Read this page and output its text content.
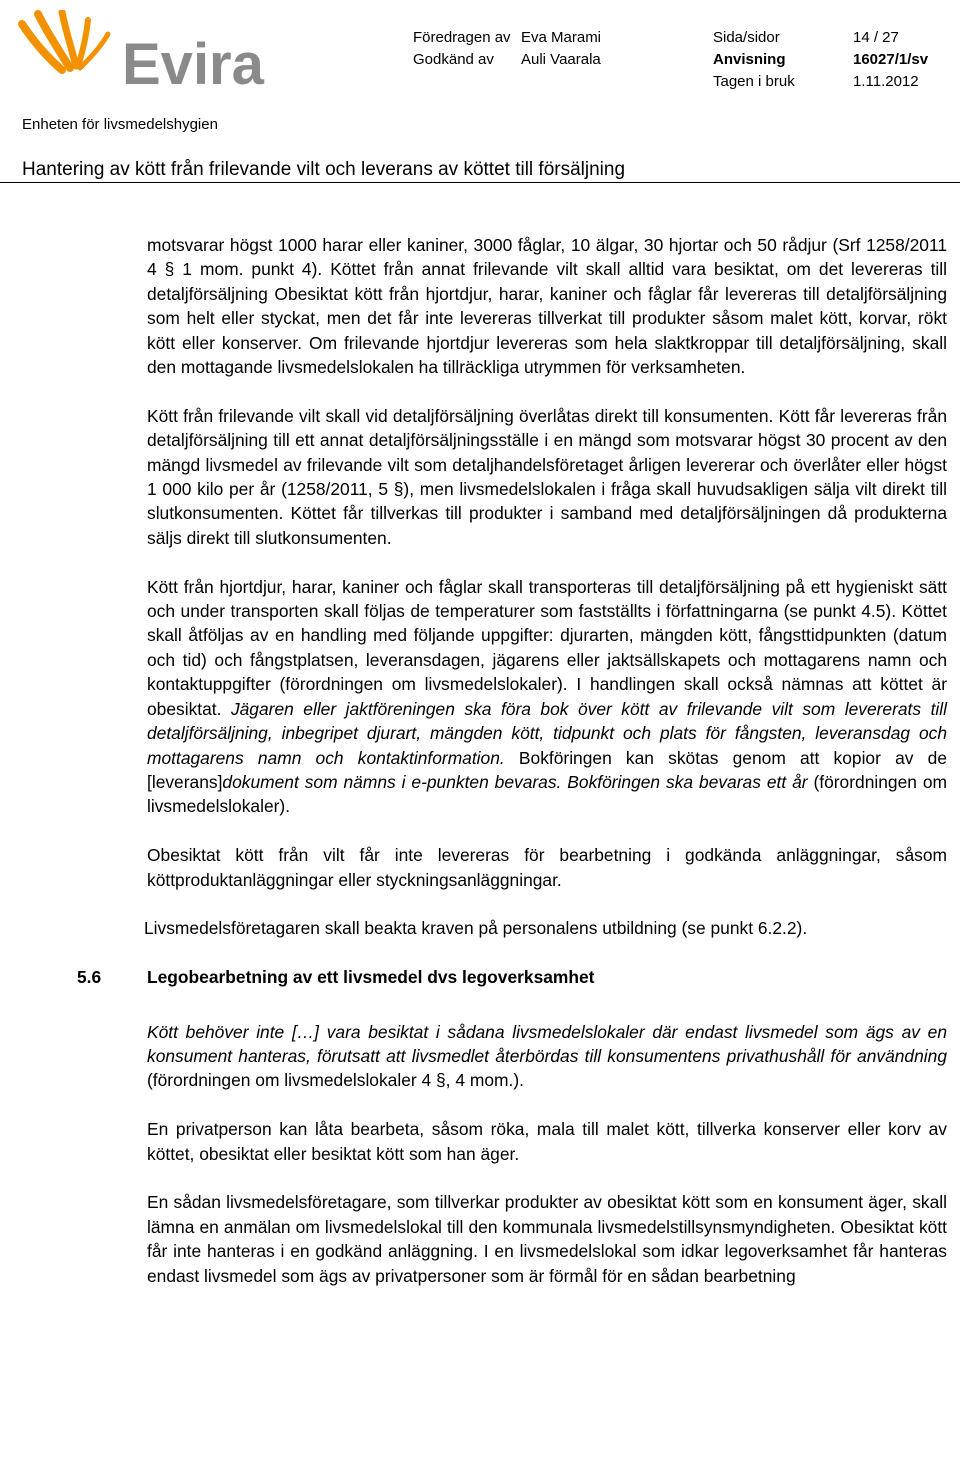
Evira	Föredragen av Eva Marami	Sida/sidor	14 / 27
Godkänd av Auli Vaarala	Anvisning	16027/1/sv
Tagen i bruk	1.11.2012
Enheten för livsmedelshygien
Hantering av kött från frilevande vilt och leverans av köttet till försäljning

motsvarar högst 1000 harar eller kaniner, 3000 fåglar, 10 älgar, 30 hjortar och 50 rådjur (Srf 1258/2011 4 § 1 mom. punkt 4). Köttet från annat frilevande vilt skall alltid vara besiktat, om det levereras till detaljförsäljning Obesiktat kött från hjortdjur, harar, kaniner och fåglar får levereras till detaljförsäljning som helt eller styckat, men det får inte levereras tillverkat till produkter såsom malet kött, korvar, rökt kött eller konserver. Om frilevande hjortdjur levereras som hela slaktkroppar till detaljförsäljning, skall den mottagande livsmedelslokalen ha tillräckliga utrymmen för verksamheten.

Kött från frilevande vilt skall vid detaljförsäljning överlåtas direkt till konsumenten. Kött får levereras från detaljförsäljning till ett annat detaljförsäljningsställe i en mängd som motsvarar högst 30 procent av den mängd livsmedel av frilevande vilt som detaljhandelsföretaget årligen levererar och överlåter eller högst 1 000 kilo per år (1258/2011, 5 §), men livsmedelslokalen i fråga skall huvudsakligen sälja vilt direkt till slutkonsumenten. Köttet får tillverkas till produkter i samband med detaljförsäljningen då produkterna säljs direkt till slutkonsumenten.

Kött från hjortdjur, harar, kaniner och fåglar skall transporteras till detaljförsäljning på ett hygieniskt sätt och under transporten skall följas de temperaturer som fastställts i författningarna (se punkt 4.5). Köttet skall åtföljas av en handling med följande uppgifter: djurarten, mängden kött, fångsttidpunkten (datum och tid) och fångstplatsen, leveransdagen, jägarens eller jaktsällskapets och mottagarens namn och kontaktuppgifter (förordningen om livsmedelslokaler). I handlingen skall också nämnas att köttet är obesiktat. Jägaren eller jaktföreningen ska föra bok över kött av frilevande vilt som levererats till detaljförsäljning, inbegripet djurart, mängden kött, tidpunkt och plats för fångsten, leveransdag och mottagarens namn och kontaktinformation. Bokföringen kan skötas genom att kopior av de [leverans]dokument som nämns i e-punkten bevaras. Bokföringen ska bevaras ett år (förordningen om livsmedelslokaler).

Obesiktat kött från vilt får inte levereras för bearbetning i godkända anläggningar, såsom köttproduktanläggningar eller styckningsanläggningar.

Livsmedelsföretagaren skall beakta kraven på personalens utbildning (se punkt 6.2.2).

5.6	Legobearbetning av ett livsmedel dvs legoverksamhet

Kött behöver inte […] vara besiktat i sådana livsmedelslokaler där endast livsmedel som ägs av en konsument hanteras, förutsatt att livsmedlet återbördas till konsumentens privathushåll för användning (förordningen om livsmedelslokaler 4 §, 4 mom.).

En privatperson kan låta bearbeta, såsom röka, mala till malet kött, tillverka konserver eller korv av köttet, obesiktat eller besiktat kött som han äger.

En sådan livsmedelsföretagare, som tillverkar produkter av obesiktat kött som en konsument äger, skall lämna en anmälan om livsmedelslokal till den kommunala livsmedelstillsynsmyndigheten. Obesiktat kött får inte hanteras i en godkänd anläggning. I en livsmedelslokal som idkar legoverksamhet får hanteras endast livsmedel som ägs av privatpersoner som är förmål för en sådan bearbetning
